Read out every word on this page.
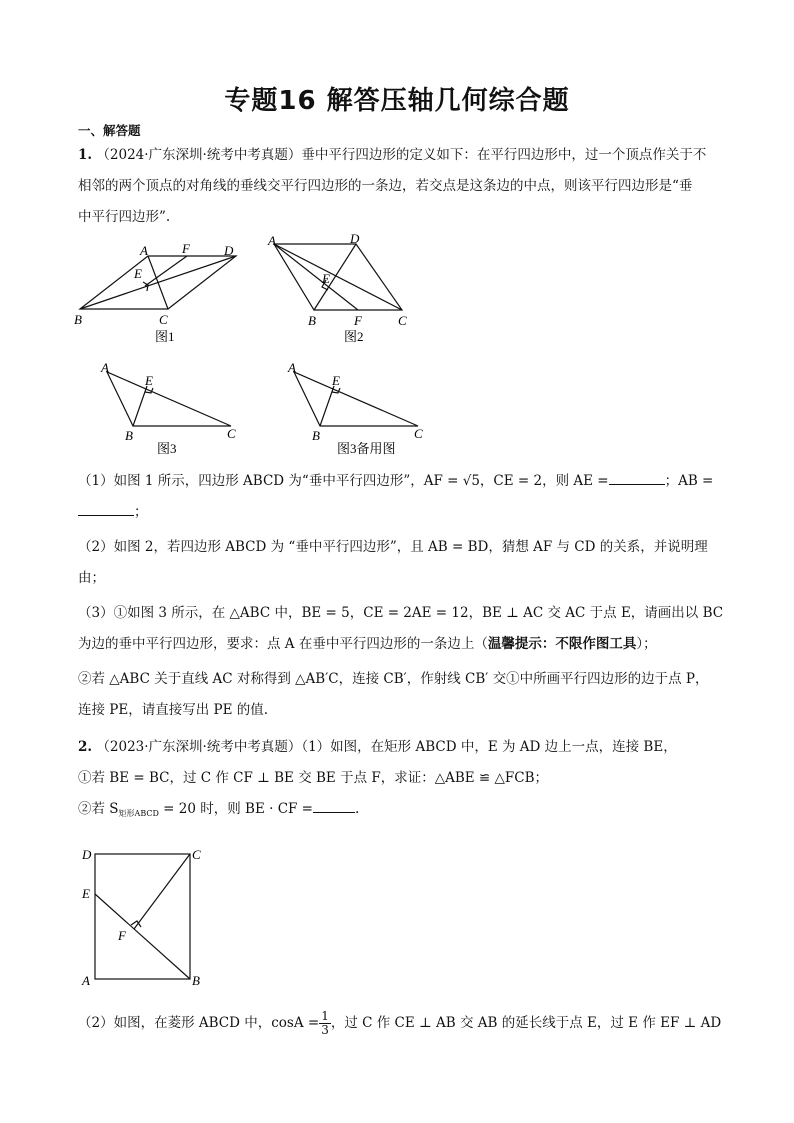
专题16 解答压轴几何综合题
一、解答题
1. （2024·广东深圳·统考中考真题）垂中平行四边形的定义如下：在平行四边形中，过一个顶点作关于不
相邻的两个顶点的对角线的垂线交平行四边形的一条边，若交点是这条边的中点，则该平行四边形是“垂
中平行四边形”.
A	F	D
E
B	C
图1
A	D
E
B	F	C
图2
A
E
B	C
图3
A
E
B	C
图3备用图
（1）如图 1 所示，四边形 ABCD 为“垂中平行四边形”，AF = √5，CE = 2，则 AE =	；AB =
；
（2）如图 2，若四边形 ABCD 为 “垂中平行四边形”，且 AB = BD，猜想 AF 与 CD 的关系，并说明理
由；
（3）①如图 3 所示，在 △ABC 中，BE = 5，CE = 2AE = 12，BE ⊥ AC 交 AC 于点 E，请画出以 BC
为边的垂中平行四边形，要求：点 A 在垂中平行四边形的一条边上（温馨提示：不限作图工具）；
②若 △ABC 关于直线 AC 对称得到 △AB′C，连接 CB′，作射线 CB′ 交①中所画平行四边形的边于点 P，
连接 PE，请直接写出 PE 的值.
2. （2023·广东深圳·统考中考真题）（1）如图，在矩形 ABCD 中，E 为 AD 边上一点，连接 BE，
①若 BE = BC，过 C 作 CF ⊥ BE 交 BE 于点 F，求证：△ABE ≌ △FCB；
②若 $S_{矩形ABCD} = 20$ 时，则 BE · CF =	.
D	C
E
F
A	B
（2）如图，在菱形 ABCD 中，$\cos A = \frac{1}{3}$ ，过 C 作 CE ⊥ AB 交 AB 的延长线于点 E，过 E 作 EF ⊥ AD
